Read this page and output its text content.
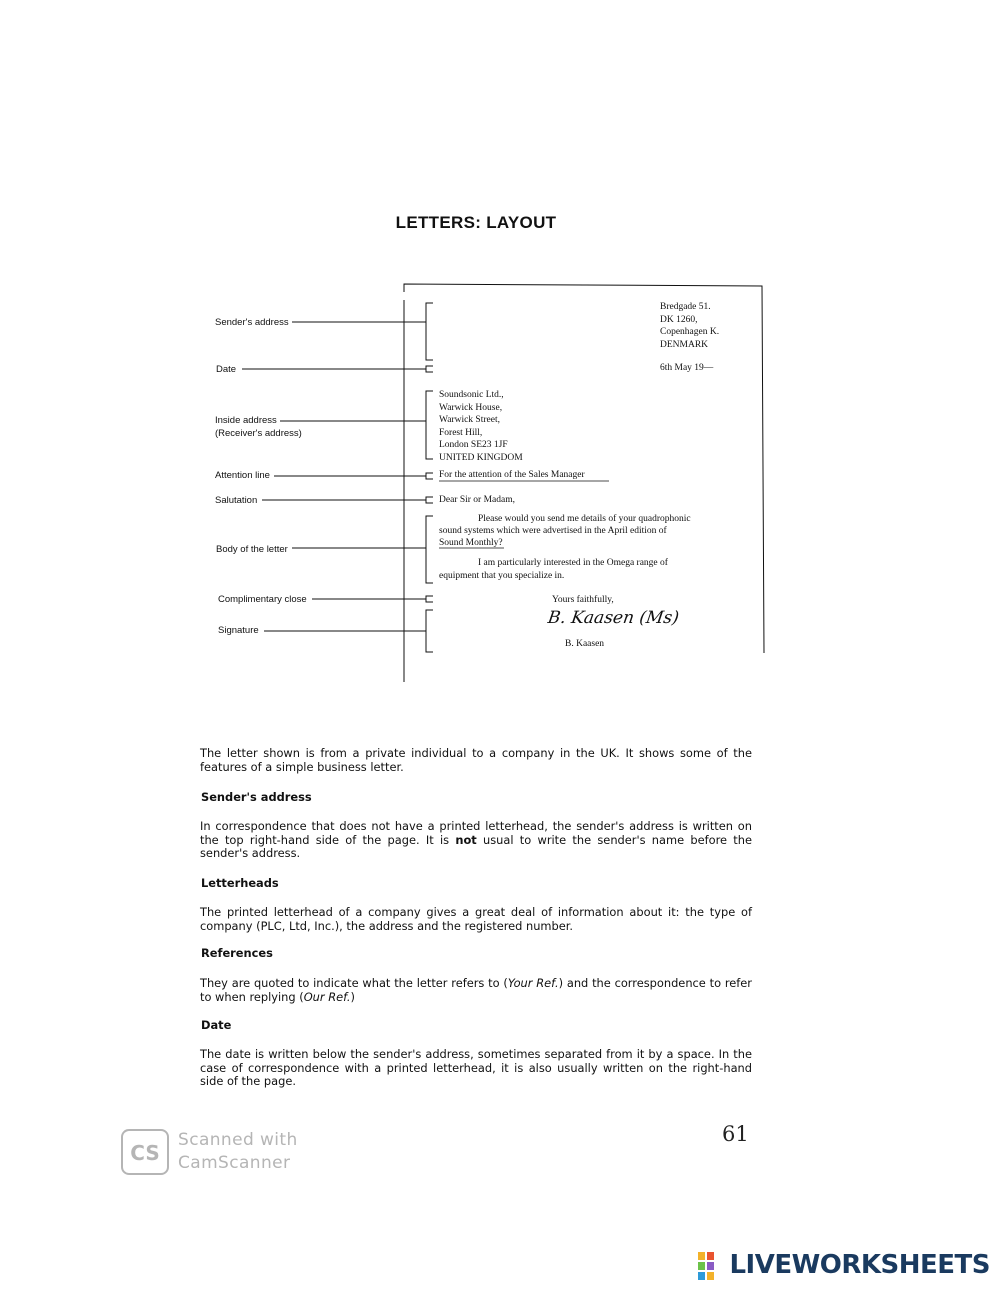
LETTERS: LAYOUT
Sender's address
Date
Inside address
(Receiver's address)
Attention line
Salutation
Body of the letter
Complimentary close
Signature
Bredgade 51.
DK 1260,
Copenhagen K.
DENMARK
6th May 19—
Soundsonic Ltd.,
Warwick House,
Warwick Street,
Forest Hill,
London SE23 1JF
UNITED KINGDOM
For the attention of the Sales Manager
Dear Sir or Madam,
Please would you send me details of your quadrophonic
sound systems which were advertised in the April edition of
Sound Monthly?
I am particularly interested in the Omega range of
equipment that you specialize in.
Yours faithfully,
B. Kaasen (Ms)
B. Kaasen
The letter shown is from a private individual to a company in the UK. It shows some of the features of a simple business letter.
Sender's address
In correspondence that does not have a printed letterhead, the sender's address is written on the top right-hand side of the page. It is not usual to write the sender's name before the sender's address.
Letterheads
The printed letterhead of a company gives a great deal of information about it: the type of company (PLC, Ltd, Inc.), the address and the registered number.
References
They are quoted to indicate what the letter refers to (Your Ref.) and the correspondence to refer to when replying (Our Ref.)
Date
The date is written below the sender's address, sometimes separated from it by a space. In the case of correspondence with a printed letterhead, it is also usually written on the right-hand side of the page.
61
CS
Scanned with
CamScanner
LIVEWORKSHEETS
